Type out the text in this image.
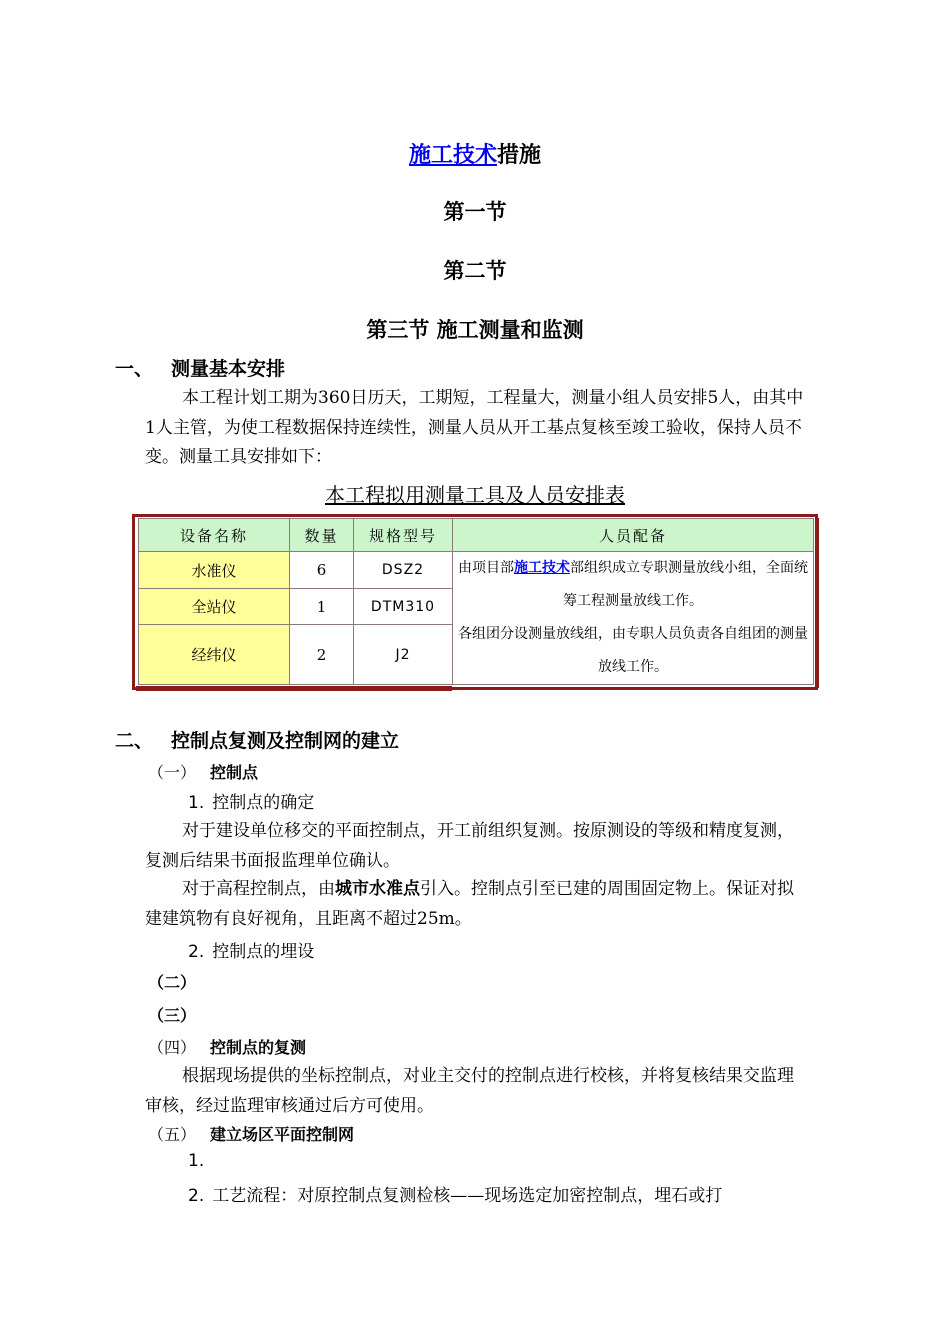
施工技术措施
第一节
第二节
第三节 施工测量和监测
一、 测量基本安排
本工程计划工期为360日历天，工期短，工程量大，测量小组人员安排5人，由其中1人主管，为使工程数据保持连续性，测量人员从开工基点复核至竣工验收，保持人员不变。测量工具安排如下：
本工程拟用测量工具及人员安排表
设备名称	数量	规格型号	人员配备
水准仪	6	DSZ2	由项目部施工技术部组织成立专职测量放线小组，全面统筹工程测量放线工作。
各组团分设测量放线组，由专职人员负责各自组团的测量放线工作。
全站仪	1	DTM310	
经纬仪	2	J2	
二、 控制点复测及控制网的建立
（一） 控制点
1. 控制点的确定
对于建设单位移交的平面控制点，开工前组织复测。按原测设的等级和精度复测，复测后结果书面报监理单位确认。
对于高程控制点，由城市水准点引入。控制点引至已建的周围固定物上。保证对拟建建筑物有良好视角，且距离不超过25m。
2. 控制点的埋设
（二）
（三）
（四） 控制点的复测
根据现场提供的坐标控制点，对业主交付的控制点进行校核，并将复核结果交监理审核，经过监理审核通过后方可使用。
（五） 建立场区平面控制网
1.
2. 工艺流程：对原控制点复测检核——现场选定加密控制点，埋石或打
